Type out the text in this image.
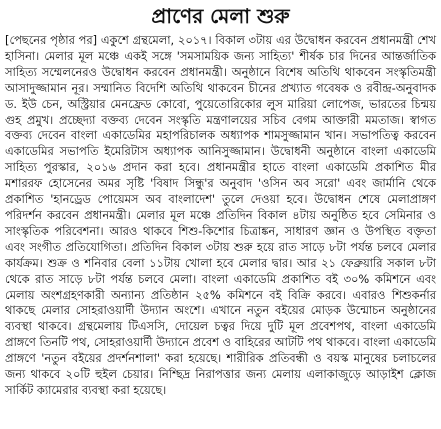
প্রাণের মেলা শুরু
[পেছনের পৃষ্ঠার পর] একুশে গ্রন্থমেলা, ২০১৭। বিকাল ৩টায় এর উদ্বোধন করবেন প্রধানমন্ত্রী শেখ হাসিনা। মেলার মূল মঞ্চে একই সঙ্গে 'সমসাময়িক জন্য সাহিত্য' শীর্ষক চার দিনের আন্তর্জাতিক সাহিত্য সম্মেলনেরও উদ্বোধন করবেন প্রধানমন্ত্রী। অনুষ্ঠানে বিশেষ অতিথি থাকবেন সংস্কৃতিমন্ত্রী আসাদুজ্জামান নূর। সম্মানিত বিদেশি অতিথি থাকবেন চীনের প্রখ্যাত গবেষক ও রবীন্দ্র-অনুবাদক ড. ইউ চেন, অস্ট্রিয়ার মেনফ্রেড কোবো, পুয়েতোরিকোর লুস মারিয়া লোপেজ, ভারতের চিন্ময় গুহ প্রমুখ। প্রচ্ছেদ্যা বক্তব্য দেবেন সংস্কৃতি মন্ত্রণালয়ের সচিব বেগম আক্তারী মমতাজ। স্বাগত বক্তব্য দেবেন বাংলা একাডেমির মহাপরিচালক অধ্যাপক শামসুজ্জামান খান। সভাপতিত্ব করবেন একাডেমির সভাপতি ইমেরিটাস অধ্যাপক আনিসুজ্জামান। উদ্বোধনী অনুষ্ঠানে বাংলা একাডেমি সাহিত্য পুরস্কার, ২০১৬ প্রদান করা হবে। প্রধানমন্ত্রীর হাতে বাংলা একাডেমি প্রকাশিত মীর মশাররফ হোসেনের অমর সৃষ্টি 'বিষাদ সিন্ধু'র অনুবাদ 'ওসিন অব সরো' এবং জার্মানি থেকে প্রকাশিত 'হানড্রেড পোয়েমস অব বাংলাদেশ' তুলে দেওয়া হবে। উদ্বোধন শেষে মেলাপ্রাঙ্গণ পরিদর্শন করবেন প্রধানমন্ত্রী। মেলার মূল মঞ্চে প্রতিদিন বিকাল ৪টায় অনুষ্ঠিত হবে সেমিনার ও সাংস্কৃতিক পরিবেশনা। আরও থাকবে শিশু-কিশোর চিত্রাঙ্কন, সাধারণ জ্ঞান ও উপস্থিত বক্তৃতা এবং সংগীত প্রতিযোগিতা। প্রতিদিন বিকাল ৩টায় শুরু হয়ে রাত সাড়ে ৮টা পর্যন্ত চলবে মেলার কার্যক্রম। শুক্র ও শনিবার বেলা ১১টায় খোলা হবে মেলার দ্বার। আর ২১ ফেব্রুয়ারি সকাল ৮টা থেকে রাত সাড়ে ৮টা পর্যন্ত চলবে মেলা। বাংলা একাডেমি প্রকাশিত বই ৩০% কমিশনে এবং মেলায় অংশগ্রহণকারী অন্যান্য প্রতিষ্ঠান ২৫% কমিশনে বই বিক্রি করবে। এবারও শিশুকর্নার থাকছে মেলার সোহরাওয়ার্দী উদ্যান অংশে। এখানে নতুন বইয়ের মোড়ক উন্মোচন অনুষ্ঠানের ব্যবস্থা থাকবে। গ্রন্থমেলায় টিএসসি, দোয়েল চত্বর দিয়ে দুটি মূল প্রবেশপথ, বাংলা একাডেমি প্রাঙ্গণে তিনটি পথ, সোহরাওয়ার্দী উদ্যানে প্রবেশ ও বাহিরের আটটি পথ থাকবে। বাংলা একাডেমি প্রাঙ্গণে 'নতুন বইয়ের প্রদর্শনশালা' করা হয়েছে। শারীরিক প্রতিবন্ধী ও বয়স্ক মানুষের চলাচলের জন্য থাকবে ২০টি হুইল চেয়ার। নিশ্ছিদ্র নিরাপত্তার জন্য মেলায় এলাকাজুড়ে আড়াইশ ক্লোজ সার্কিট ক্যামেরার ব্যবস্থা করা হয়েছে।
